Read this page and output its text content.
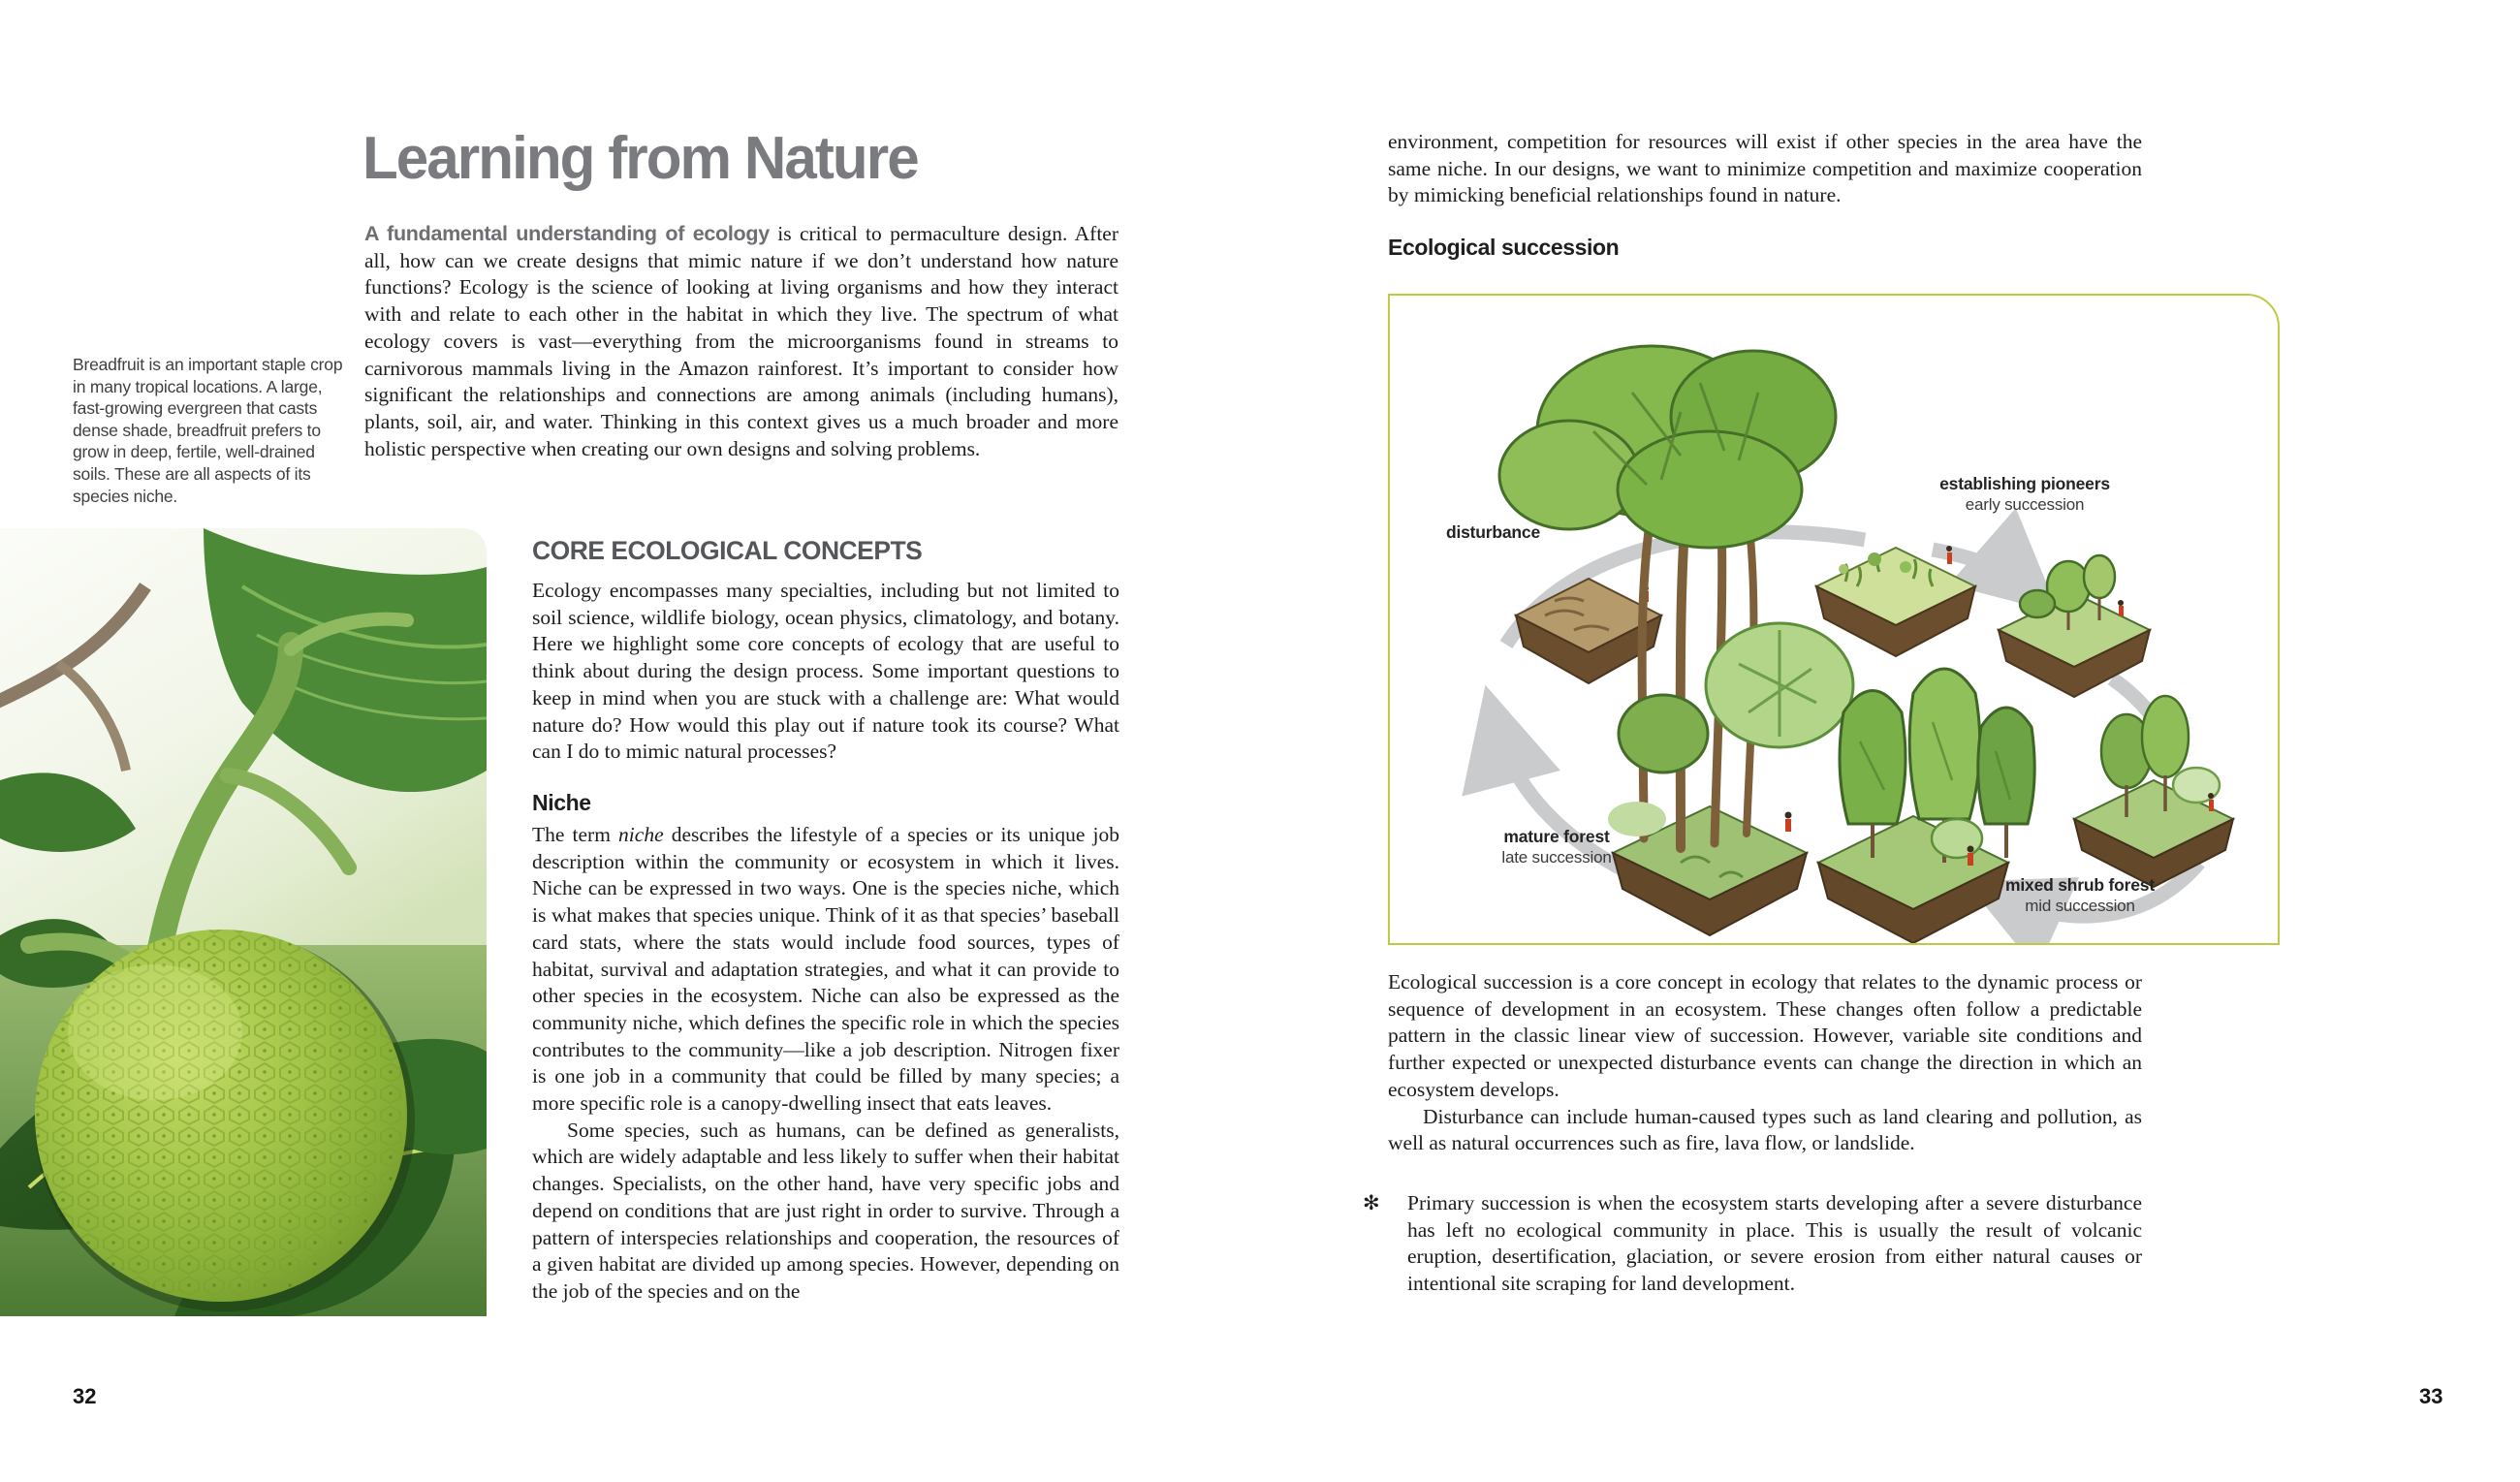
Learning from Nature

A fundamental understanding of ecology is critical to permaculture design. After all, how can we create designs that mimic nature if we don’t understand how nature functions? Ecology is the science of looking at living organisms and how they interact with and relate to each other in the habitat in which they live. The spectrum of what ecology covers is vast—everything from the microorganisms found in streams to carnivorous mammals living in the Amazon rainforest. It’s important to consider how significant the relationships and connections are among animals (including humans), plants, soil, air, and water. Thinking in this context gives us a much broader and more holistic perspective when creating our own designs and solving problems.

Breadfruit is an important staple crop in many tropical locations. A large, fast-growing evergreen that casts dense shade, breadfruit prefers to grow in deep, fertile, well-drained soils. These are all aspects of its species niche.
CORE ECOLOGICAL CONCEPTS

Ecology encompasses many specialties, including but not limited to soil science, wildlife biology, ocean physics, climatology, and botany. Here we highlight some core concepts of ecology that are useful to think about during the design process. Some important questions to keep in mind when you are stuck with a challenge are: What would nature do? How would this play out if nature took its course? What can I do to mimic natural processes?

Niche

The term niche describes the lifestyle of a species or its unique job description within the community or ecosystem in which it lives. Niche can be expressed in two ways. One is the species niche, which is what makes that species unique. Think of it as that species’ baseball card stats, where the stats would include food sources, types of habitat, survival and adaptation strategies, and what it can provide to other species in the ecosystem. Niche can also be expressed as the community niche, which defines the specific role in which the species contributes to the community—like a job description. Nitrogen fixer is one job in a community that could be filled by many species; a more specific role is a canopy-dwelling insect that eats leaves.

Some species, such as humans, can be defined as generalists, which are widely adaptable and less likely to suffer when their habitat changes. Specialists, on the other hand, have very specific jobs and depend on conditions that are just right in order to survive. Through a pattern of interspecies relationships and cooperation, the resources of a given habitat are divided up among species. However, depending on the job of the species and on the

32

environment, competition for resources will exist if other species in the area have the same niche. In our designs, we want to minimize competition and maximize cooperation by mimicking beneficial relationships found in nature.

Ecological succession
disturbance
establishing pioneers
early succession
mature forest
late succession
mixed shrub forest
mid succession

Ecological succession is a core concept in ecology that relates to the dynamic process or sequence of development in an ecosystem. These changes often follow a predictable pattern in the classic linear view of succession. However, variable site conditions and further expected or unexpected disturbance events can change the direction in which an ecosystem develops.

Disturbance can include human-caused types such as land clearing and pollution, as well as natural occurrences such as fire, lava flow, or landslide.

✻	Primary succession is when the ecosystem starts developing after a severe disturbance has left no ecological community in place. This is usually the result of volcanic eruption, desertification, glaciation, or severe erosion from either natural causes or intentional site scraping for land development.

33
